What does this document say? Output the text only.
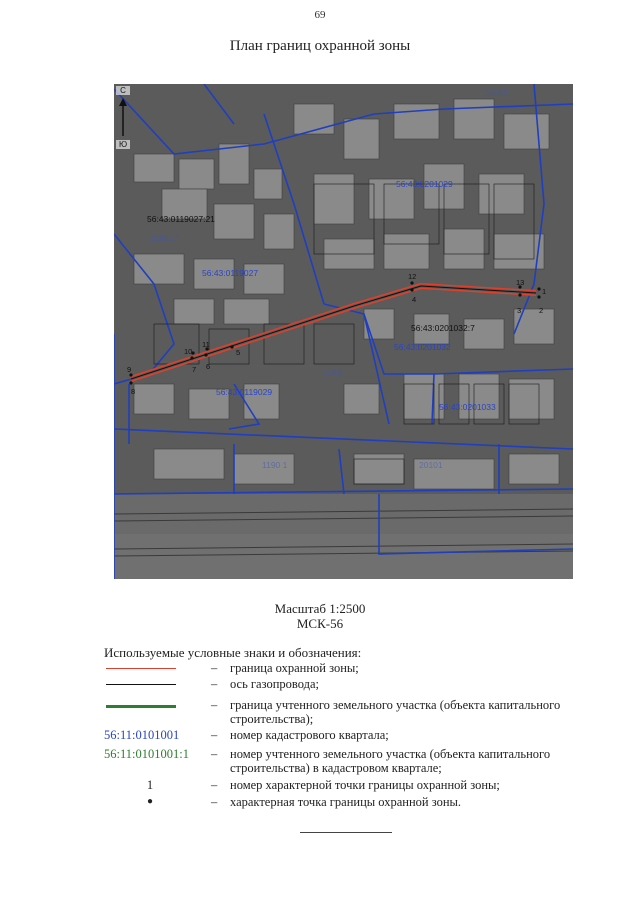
69
План границ охранной зоны
1
2
3
4
5
6
7
8
9
10
11
12
13
56:43:0201029
56:43:0119027
56:43:0201032
56:43:0119029
56:43:0201033
56:43:0119027:21
56:43:0201032:7
119027
20103
1190 1	20101
2010
С
Ю
Масштаб 1:2500
МСК-56
Используемые условные знаки и обозначения:
– граница охранной зоны;
– ось газопровода;
– граница учтенного земельного участка (объекта капитального строительства);
56:11:0101001	– номер кадастрового квартала;
56:11:0101001:1 – номер учтенного земельного участка (объекта капитального строительства) в кадастровом квартале;
1	– номер характерной точки границы охранной зоны;
●	– характерная точка границы охранной зоны.
